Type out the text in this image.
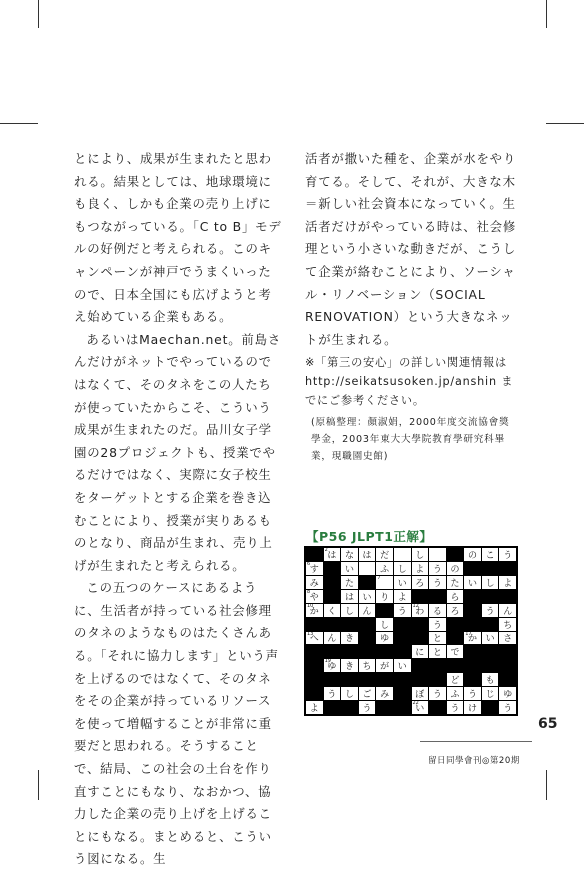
とにより、成果が生まれたと思われる。結果としては、地球環境にも良く、しかも企業の売り上げにもつながっている。「C to B」モデルの好例だと考えられる。このキャンペーンが神戸でうまくいったので、日本全国にも広げようと考え始めている企業もある。

あるいはMaechan.net。前島さんだけがネットでやっているのではなくて、そのタネをこの人たちが使っていたからこそ、こういう成果が生まれたのだ。品川女子学園の28プロジェクトも、授業でやるだけではなく、実際に女子校生をターゲットとする企業を巻き込むことにより、授業が実りあるものとなり、商品が生まれ、売り上げが生まれたと考えられる。

この五つのケースにあるように、生活者が持っている社会修理のタネのようなものはたくさんある。「それに協力します」という声を上げるのではなくて、そのタネをその企業が持っているリソースを使って増幅することが非常に重要だと思われる。そうすることで、結局、この社会の土台を作り直すことにもなり、なおかつ、協力した企業の売り上げを上げることにもなる。まとめると、こういう図になる。生

活者が撒いた種を、企業が水をやり育てる。そして、それが、大きな木＝新しい社会資本になっていく。生活者だけがやっている時は、社会修理という小さいな動きだが、こうして企業が絡むことにより、ソーシャル・リノベーション（SOCIAL RENOVATION）という大きなネットが生まれる。

※「第三の安心」の詳しい関連情報はhttp://seikatsusoken.jp/anshin までにご参考ください。

(原稿整理：顏淑娟，2000年度交流協會獎學金，2003年東大大學院教育學研究科畢業，現職園史館)

【P56 JLPT1正解】
2
は な は だ	し	の こ う
6
す	い	ふ し よ う の
み	た
7
い ろ う た い し よ
8
や	は い り よ	ら
10
か く し ん	う
12
わ る ろ	う ん
し	う	ち
13
へ ん き	ゆ	と
17
か い さ
に と で
19
ゆ き ち が い
ど	も
う し ご み	ぼ う ふ う じ ゆ
よ	う
22
い	う け	う
65
留日同學會刊◎第20期
